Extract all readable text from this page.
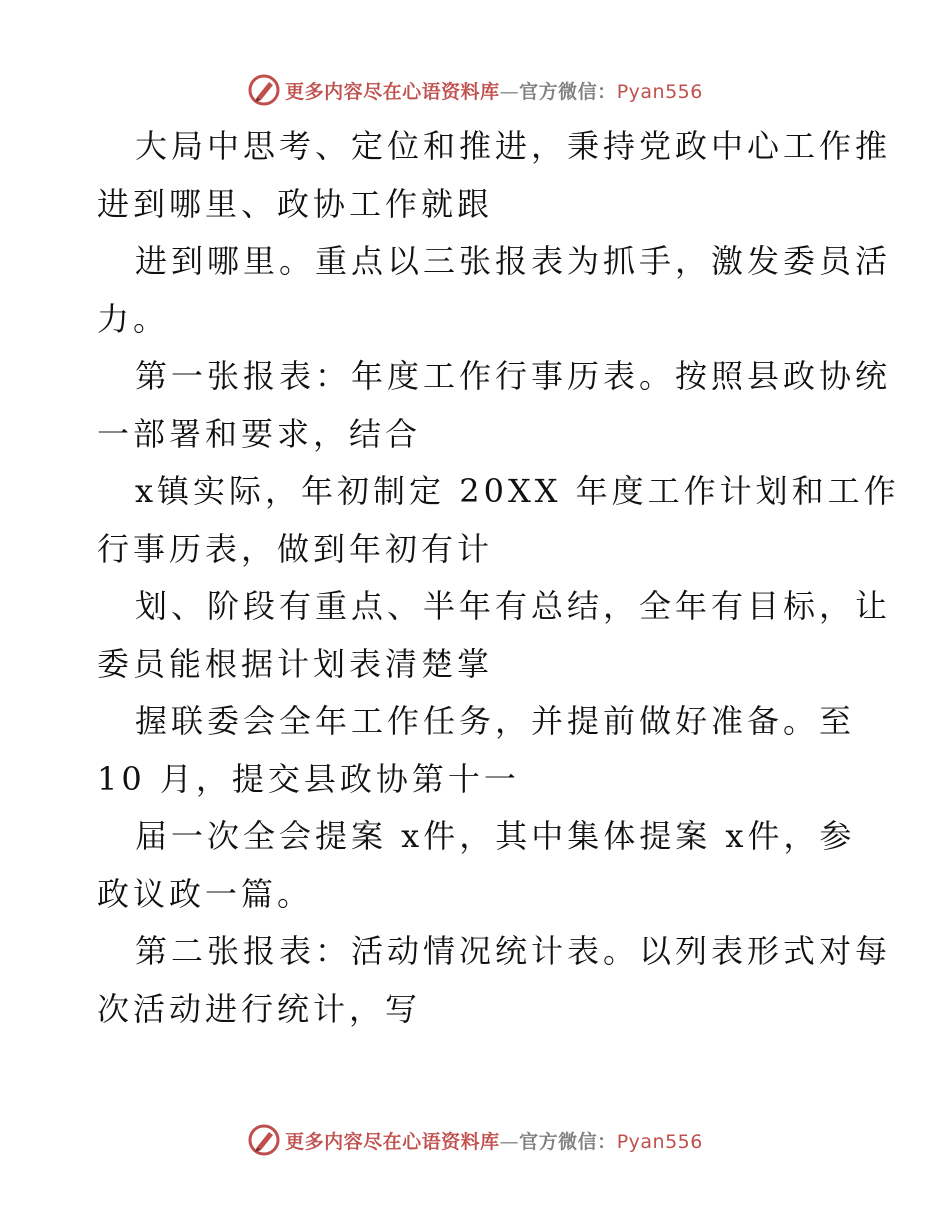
更多内容尽在心语资料库—官方微信：Pyan556
大局中思考、定位和推进，秉持党政中心工作推
进到哪里、政协工作就跟
进到哪里。重点以三张报表为抓手，激发委员活
力。
第一张报表：年度工作行事历表。按照县政协统
一部署和要求，结合
x镇实际，年初制定 20XX 年度工作计划和工作
行事历表，做到年初有计
划、阶段有重点、半年有总结，全年有目标，让
委员能根据计划表清楚掌
握联委会全年工作任务，并提前做好准备。至
10 月，提交县政协第十一
届一次全会提案 x件，其中集体提案 x件，参
政议政一篇。
第二张报表：活动情况统计表。以列表形式对每
次活动进行统计，写
更多内容尽在心语资料库—官方微信：Pyan556
